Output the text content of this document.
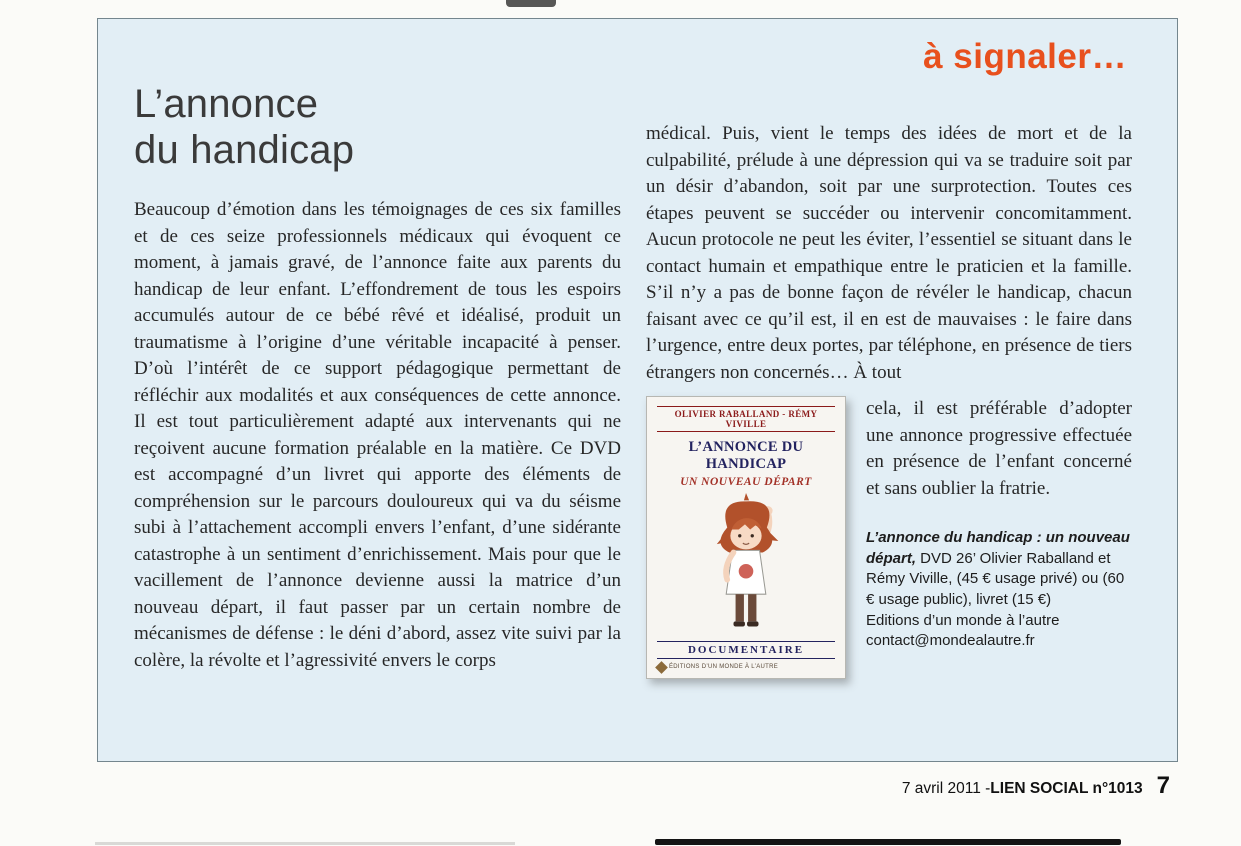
à signaler…
L’annonce
du handicap

Beaucoup d’émotion dans les témoignages de ces six familles et de ces seize professionnels médicaux qui évoquent ce moment, à jamais gravé, de l’annonce faite aux parents du handicap de leur enfant. L’effondrement de tous les espoirs accumulés autour de ce bébé rêvé et idéalisé, produit un traumatisme à l’origine d’une véritable incapacité à penser. D’où l’intérêt de ce support pédagogique permettant de réfléchir aux modalités et aux conséquences de cette annonce. Il est tout particulièrement adapté aux intervenants qui ne reçoivent aucune formation préalable en la matière. Ce DVD est accompagné d’un livret qui apporte des éléments de compréhension sur le parcours douloureux qui va du séisme subi à l’attachement accompli envers l’enfant, d’une sidérante catastrophe à un sentiment d’enrichissement. Mais pour que le vacillement de l’annonce devienne aussi la matrice d’un nouveau départ, il faut passer par un certain nombre de mécanismes de défense : le déni d’abord, assez vite suivi par la colère, la révolte et l’agressivité envers le corps

médical. Puis, vient le temps des idées de mort et de la culpabilité, prélude à une dépression qui va se traduire soit par un désir d’abandon, soit par une surprotection. Toutes ces étapes peuvent se succéder ou intervenir concomitamment. Aucun protocole ne peut les éviter, l’essentiel se situant dans le contact humain et empathique entre le praticien et la famille. S’il n’y a pas de bonne façon de révéler le handicap, chacun faisant avec ce qu’il est, il en est de mauvaises : le faire dans l’urgence, entre deux portes, par téléphone, en présence de tiers étrangers non concernés… À tout

OLIVIER RABALLAND - RÉMY VIVILLE
L’ANNONCE DU HANDICAP
UN NOUVEAU DÉPART
DOCUMENTAIRE
ÉDITIONS D’UN MONDE À L’AUTRE

cela, il est préférable d’adopter une annonce progressive effectuée en présence de l’enfant concerné et sans oublier la fratrie.

L’annonce du handicap : un nouveau départ, DVD 26’ Olivier Raballand et Rémy Viville, (45 € usage privé) ou (60 € usage public), livret (15 €)
Editions d’un monde à l’autre
contact@mondealautre.fr
7 avril 2011 - LIEN SOCIAL n°1013 7
